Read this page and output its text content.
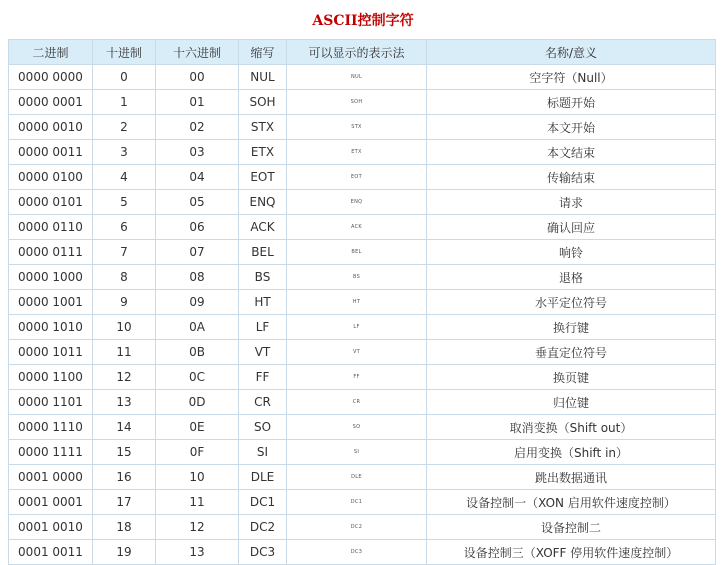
ASCII控制字符
二进制	十进制	十六进制	缩写	可以显示的表示法	名称/意义
0000 0000	0	00	NUL	NUL	空字符（Null）
0000 0001	1	01	SOH	SOH	标题开始
0000 0010	2	02	STX	STX	本文开始
0000 0011	3	03	ETX	ETX	本文结束
0000 0100	4	04	EOT	EOT	传输结束
0000 0101	5	05	ENQ	ENQ	请求
0000 0110	6	06	ACK	ACK	确认回应
0000 0111	7	07	BEL	BEL	响铃
0000 1000	8	08	BS	BS	退格
0000 1001	9	09	HT	HT	水平定位符号
0000 1010	10	0A	LF	LF	换行键
0000 1011	11	0B	VT	VT	垂直定位符号
0000 1100	12	0C	FF	FF	换页键
0000 1101	13	0D	CR	CR	归位键
0000 1110	14	0E	SO	SO	取消变换（Shift out）
0000 1111	15	0F	SI	SI	启用变换（Shift in）
0001 0000	16	10	DLE	DLE	跳出数据通讯
0001 0001	17	11	DC1	DC1	设备控制一（XON 启用软件速度控制）
0001 0010	18	12	DC2	DC2	设备控制二
0001 0011	19	13	DC3	DC3	设备控制三（XOFF 停用软件速度控制）
